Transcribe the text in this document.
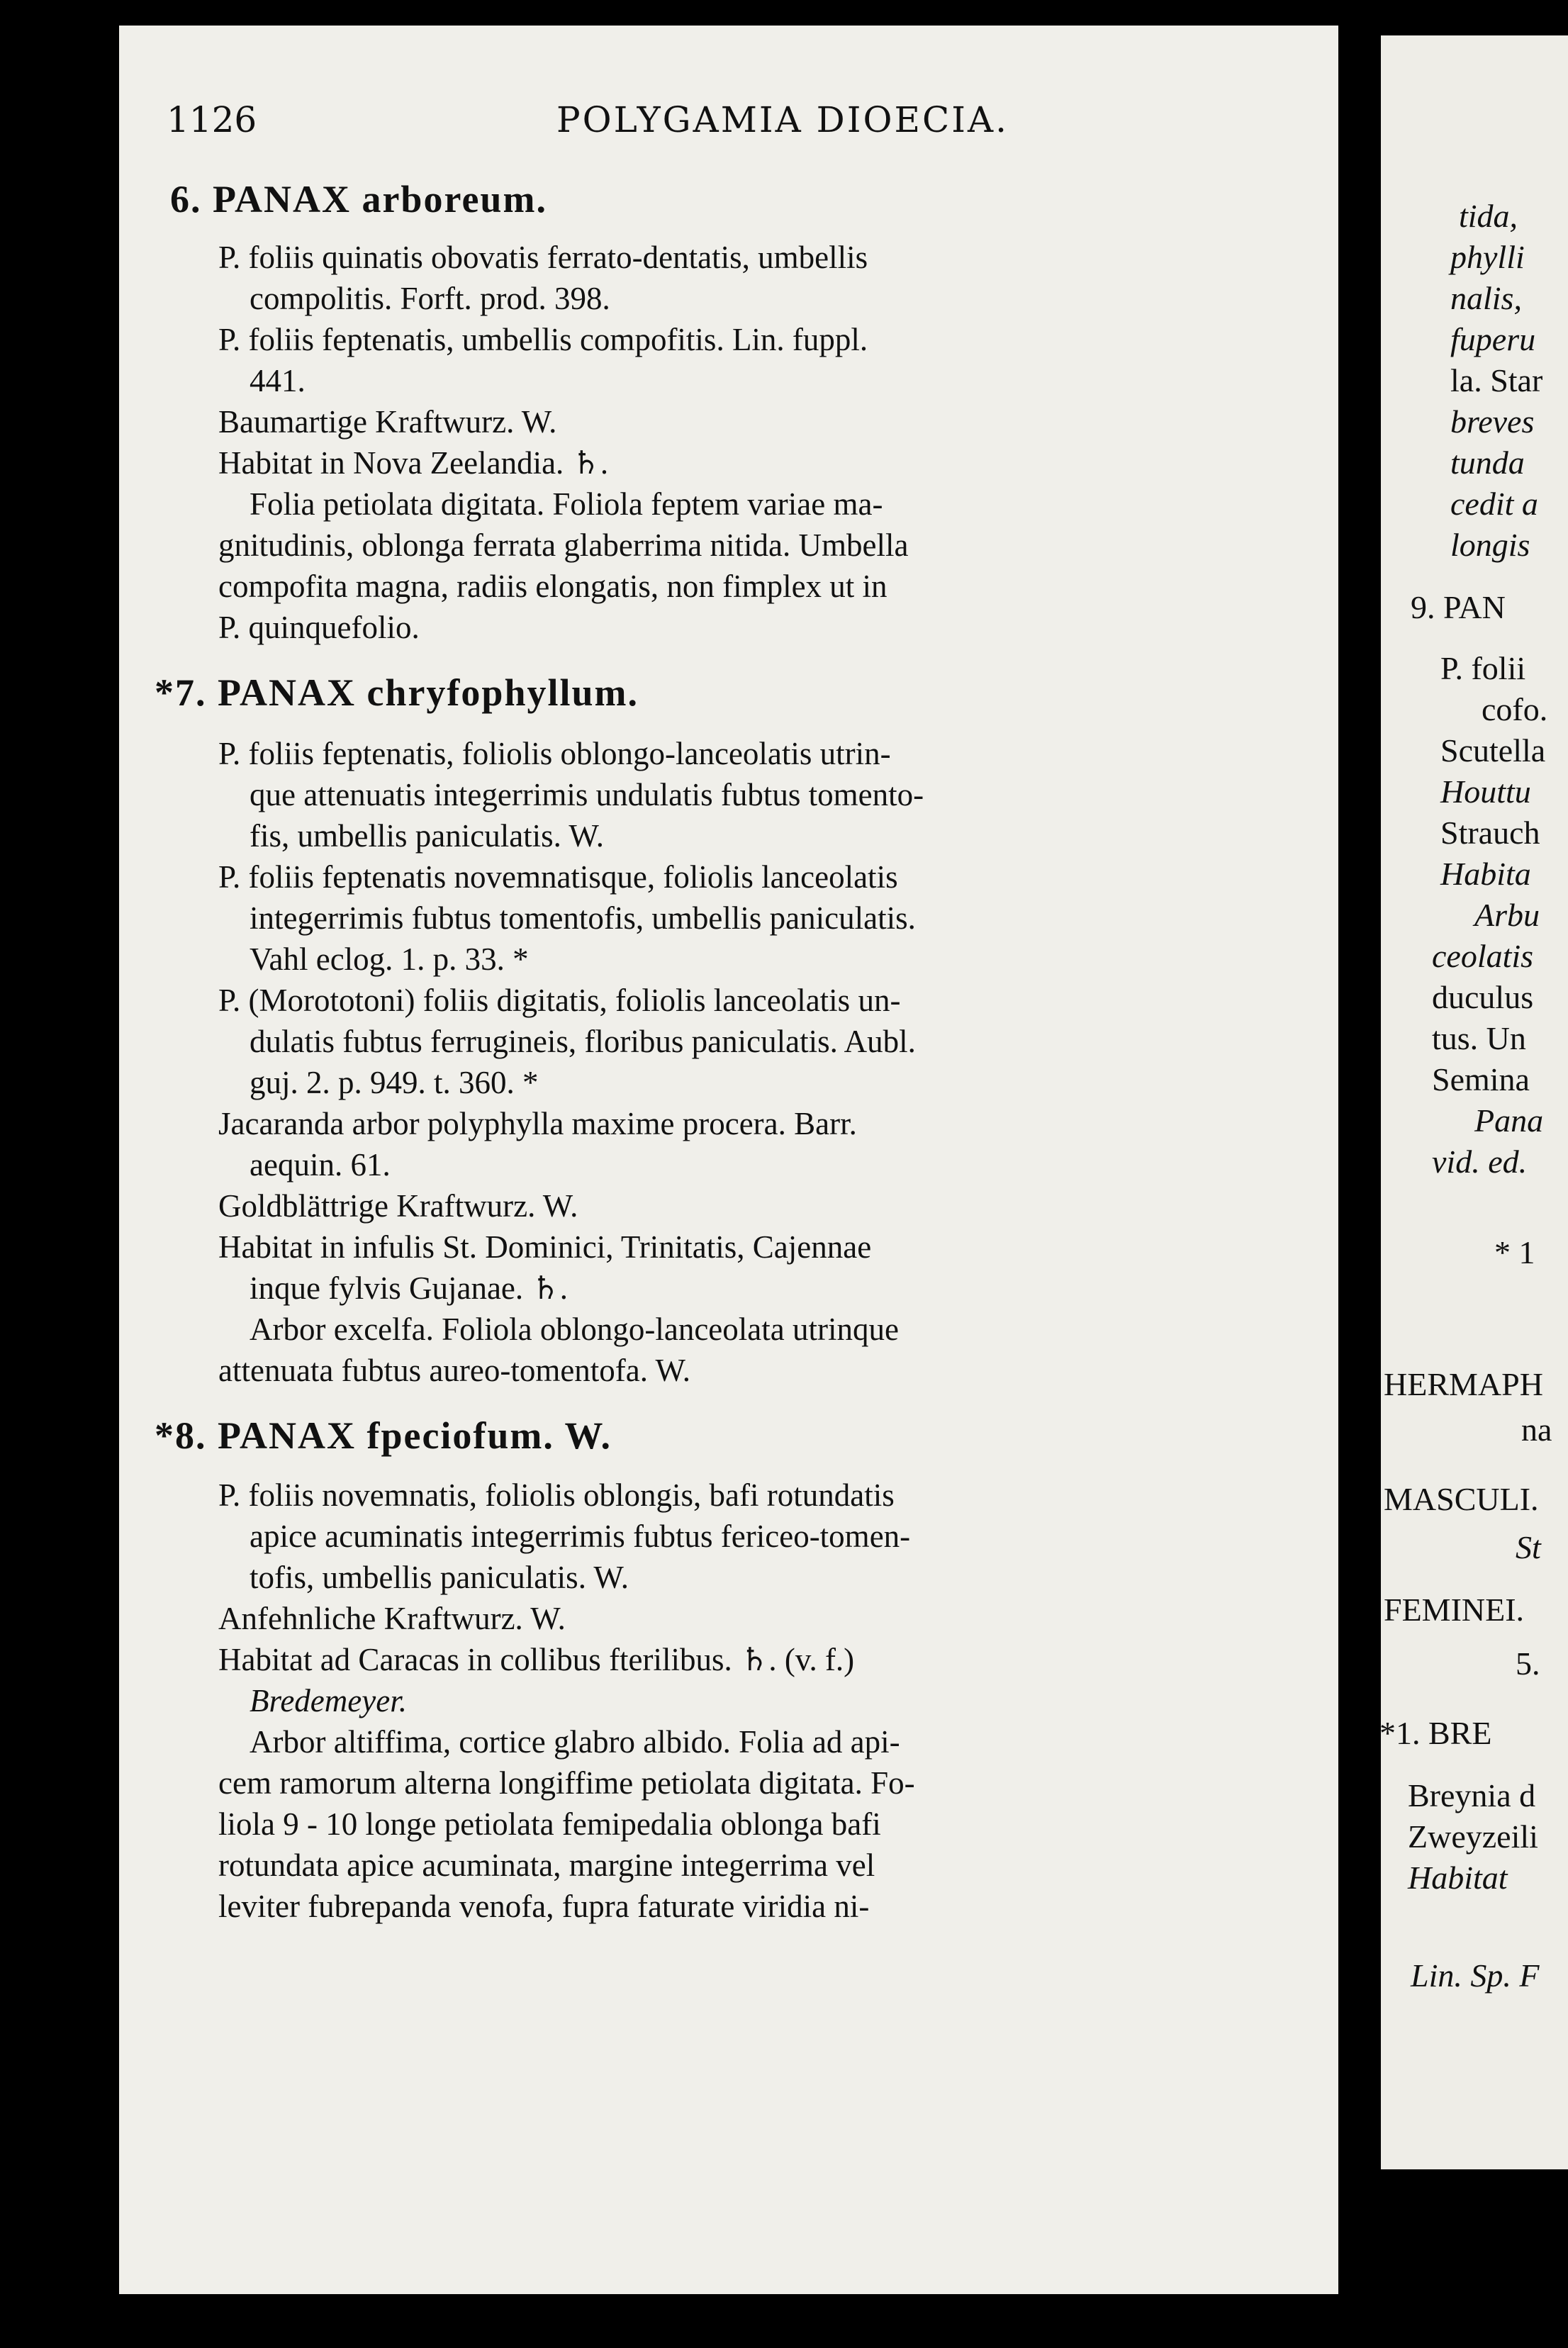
1126	POLYGAMIA DIOECIA.
6. PANAX arboreum.
P. foliis quinatis obovatis ferrato-dentatis, umbellis
compolitis. Forft. prod. 398.
P. foliis feptenatis, umbellis compofitis. Lin. fuppl.
441.
Baumartige Kraftwurz. W.
Habitat in Nova Zeelandia. ♄.
Folia petiolata digitata. Foliola feptem variae ma-
gnitudinis, oblonga ferrata glaberrima nitida. Umbella
compofita magna, radiis elongatis, non fimplex ut in
P. quinquefolio.
*7. PANAX chryfophyllum.
P. foliis feptenatis, foliolis oblongo-lanceolatis utrin-
que attenuatis integerrimis undulatis fubtus tomento-
fis, umbellis paniculatis. W.
P. foliis feptenatis novemnatisque, foliolis lanceolatis
integerrimis fubtus tomentofis, umbellis paniculatis.
Vahl eclog. 1. p. 33. *
P. (Morototoni) foliis digitatis, foliolis lanceolatis un-
dulatis fubtus ferrugineis, floribus paniculatis. Aubl.
guj. 2. p. 949. t. 360. *
Jacaranda arbor polyphylla maxime procera. Barr.
aequin. 61.
Goldblättrige Kraftwurz. W.
Habitat in infulis St. Dominici, Trinitatis, Cajennae
inque fylvis Gujanae. ♄.
Arbor excelfa. Foliola oblongo-lanceolata utrinque
attenuata fubtus aureo-tomentofa. W.
*8. PANAX fpeciofum. W.
P. foliis novemnatis, foliolis oblongis, bafi rotundatis
apice acuminatis integerrimis fubtus fericeo-tomen-
tofis, umbellis paniculatis. W.
Anfehnliche Kraftwurz. W.
Habitat ad Caracas in collibus fterilibus. ♄. (v. f.)
Bredemeyer.
Arbor altiffima, cortice glabro albido. Folia ad api-
cem ramorum alterna longiffime petiolata digitata. Fo-
liola 9 - 10 longe petiolata femipedalia oblonga bafi
rotundata apice acuminata, margine integerrima vel
leviter fubrepanda venofa, fupra faturate viridia ni-
tida,
phylli
nalis,
fuperu
la. Star
breves
tunda
cedit a
longis
9. PAN
P. folii
cofo.
Scutella
Houttu
Strauch
Habita
Arbu
ceolatis
duculus
tus. Un
Semina
Pana
vid. ed.
* 1
HERMAPH
na
MASCULI.
St
FEMINEI.
5.
*1. BRE
Breynia d
Zweyzeili
Habitat
Lin. Sp. F
